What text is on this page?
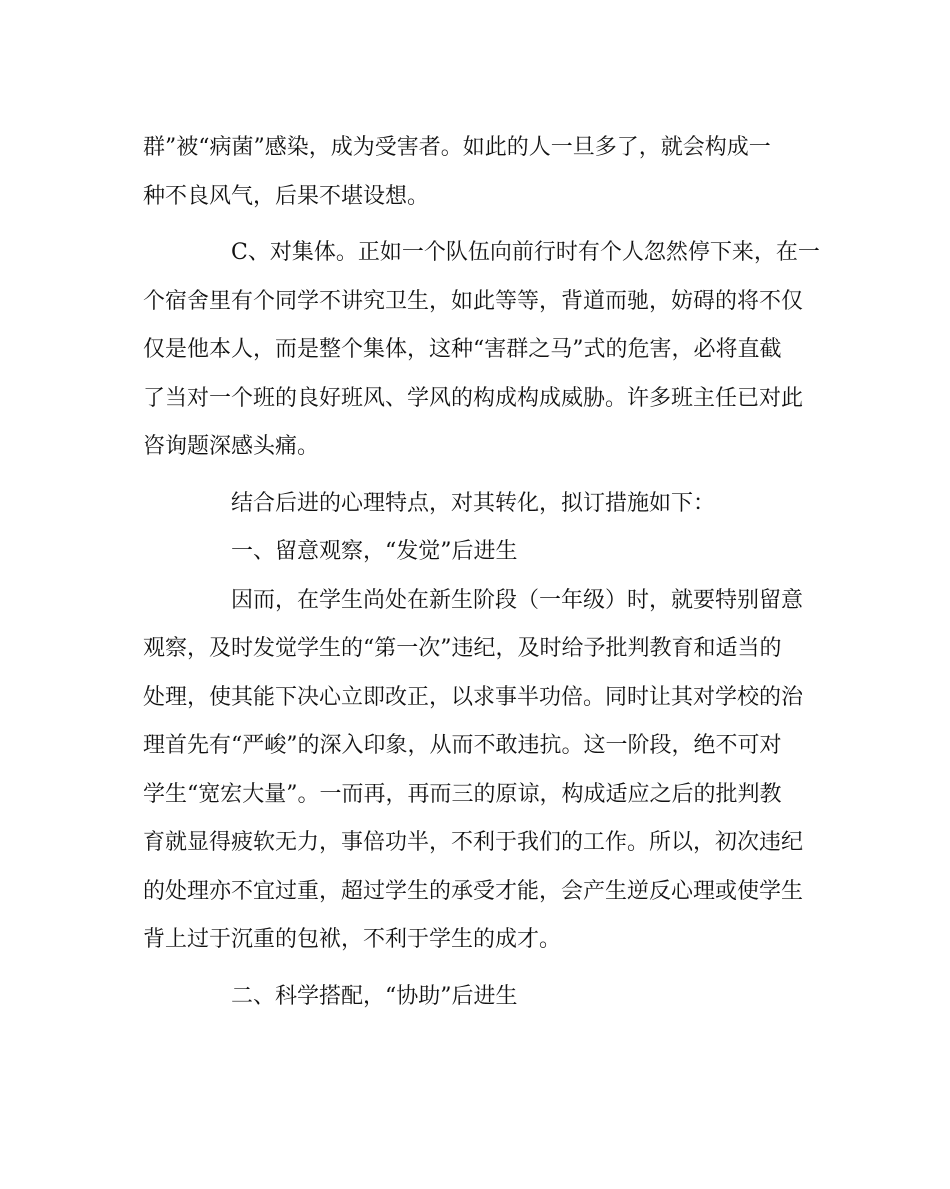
群”被“病菌”感染，成为受害者。如此的人一旦多了，就会构成一
种不良风气，后果不堪设想。
C、对集体。正如一个队伍向前行时有个人忽然停下来，在一
个宿舍里有个同学不讲究卫生，如此等等，背道而驰，妨碍的将不仅
仅是他本人，而是整个集体，这种“害群之马”式的危害，必将直截
了当对一个班的良好班风、学风的构成构成威胁。许多班主任已对此
咨询题深感头痛。
结合后进的心理特点，对其转化，拟订措施如下：
一、留意观察，“发觉”后进生
因而，在学生尚处在新生阶段（一年级）时，就要特别留意
观察，及时发觉学生的“第一次”违纪，及时给予批判教育和适当的
处理，使其能下决心立即改正，以求事半功倍。同时让其对学校的治
理首先有“严峻”的深入印象，从而不敢违抗。这一阶段，绝不可对
学生“宽宏大量”。一而再，再而三的原谅，构成适应之后的批判教
育就显得疲软无力，事倍功半，不利于我们的工作。所以，初次违纪
的处理亦不宜过重，超过学生的承受才能，会产生逆反心理或使学生
背上过于沉重的包袱，不利于学生的成才。
二、科学搭配，“协助”后进生
